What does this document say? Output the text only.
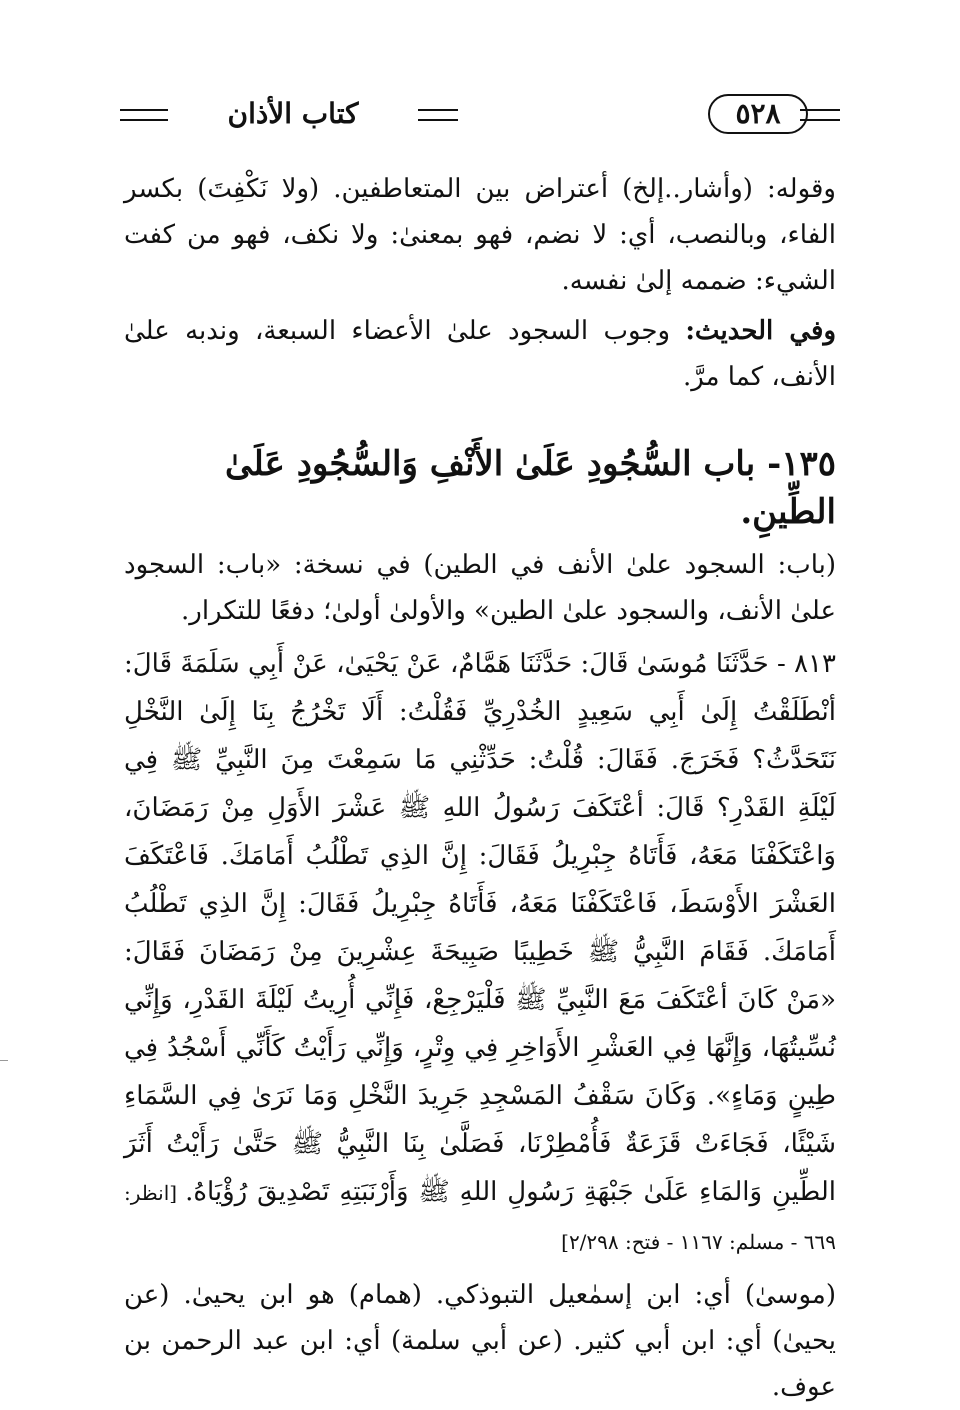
كتاب الأذان	٥٢٨

وقوله: (وأشار..إلخ) أعتراض بين المتعاطفين. (ولا نَكْفِتَ) بكسر الفاء، وبالنصب، أي: لا نضم، فهو بمعنىٰ: ولا نكف، فهو من كفت الشيء: ضممه إلىٰ نفسه.

وفي الحديث: وجوب السجود علىٰ الأعضاء السبعة، وندبه علىٰ الأنف، كما مرَّ.

١٣٥- باب السُّجُودِ عَلَىٰ الأَنْفِ وَالسُّجُودِ عَلَىٰ الطِّينِ.

(باب: السجود علىٰ الأنف في الطين) في نسخة: «باب: السجود علىٰ الأنف، والسجود علىٰ الطين» والأولىٰ أولىٰ؛ دفعًا للتكرار.

٨١٣ - حَدَّثَنَا مُوسَىٰ قَالَ: حَدَّثَنَا هَمَّامٌ، عَنْ يَحْيَىٰ، عَنْ أَبِي سَلَمَةَ قَالَ: أنْطَلَقْتُ إِلَىٰ أَبِي سَعِيدٍ الخُدْرِيِّ فَقُلْتُ: أَلَا تَخْرُجُ بِنَا إِلَىٰ النَّخْلِ نَتَحَدَّثُ؟ فَخَرَجَ. فَقَالَ: قُلْتُ: حَدِّثْنِي مَا سَمِعْتَ مِنَ النَّبِيِّ ﷺ فِي لَيْلَةِ القَدْرِ؟ قَالَ: أعْتَكَفَ رَسُولُ اللهِ ﷺ عَشْرَ الأَوَلِ مِنْ رَمَضَانَ، وَاعْتَكَفْنَا مَعَهُ، فَأَتَاهُ جِبْرِيلُ فَقَالَ: إِنَّ الذِي تَطْلُبُ أَمَامَكَ. فَاعْتَكَفَ العَشْرَ الأَوْسَطَ، فَاعْتَكَفْنَا مَعَهُ، فَأَتَاهُ جِبْرِيلُ فَقَالَ: إِنَّ الذِي تَطْلُبُ أَمَامَكَ. فَقَامَ النَّبِيُّ ﷺ خَطِيبًا صَبِيحَةَ عِشْرِينَ مِنْ رَمَضَانَ فَقَالَ: «مَنْ كَانَ أعْتَكَفَ مَعَ النَّبِيِّ ﷺ فَلْيَرْجِعْ، فَإِنِّي أُرِيتُ لَيْلَةَ القَدْرِ، وَإِنِّي نُسِّيتُهَا، وَإِنَّهَا فِي العَشْرِ الأَوَاخِرِ فِي وِتْرٍ، وَإِنِّي رَأَيْتُ كَأَنِّي أَسْجُدُ فِي طِينٍ وَمَاءٍ». وَكَانَ سَقْفُ المَسْجِدِ جَرِيدَ النَّخْلِ وَمَا نَرَىٰ فِي السَّمَاءِ شَيْئًا، فَجَاءَتْ قَزَعَةٌ فَأُمْطِرْنَا، فَصَلَّىٰ بِنَا النَّبِيُّ ﷺ حَتَّىٰ رَأَيْتُ أَثَرَ الطِّينِ وَالمَاءِ عَلَىٰ جَبْهَةِ رَسُولِ اللهِ ﷺ وَأَرْنَبَتِهِ تَصْدِيقَ رُؤْيَاهُ. [انظر: ٦٦٩ - مسلم: ١١٦٧ - فتح: ٢/٢٩٨]

(موسىٰ) أي: ابن إسمٰعيل التبوذكي. (همام) هو ابن يحيىٰ. (عن يحيىٰ) أي: ابن أبي كثير. (عن أبي سلمة) أي: ابن عبد الرحمن بن عوف.
